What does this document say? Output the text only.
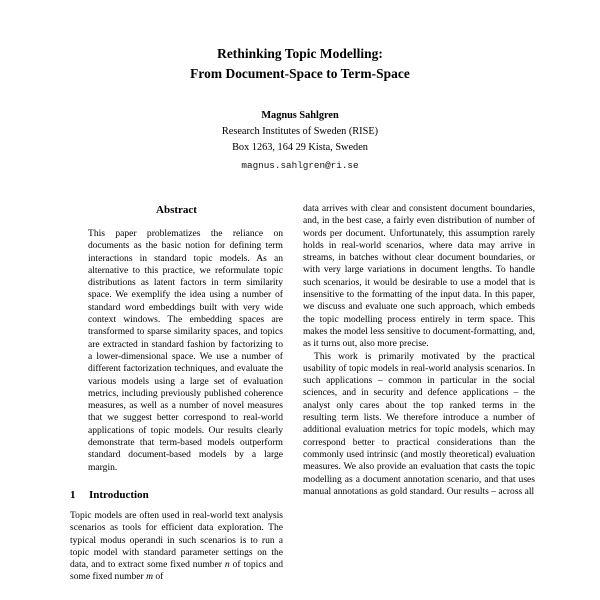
Rethinking Topic Modelling:
From Document-Space to Term-Space
Magnus Sahlgren
Research Institutes of Sweden (RISE)
Box 1263, 164 29 Kista, Sweden
magnus.sahlgren@ri.se
Abstract

This paper problematizes the reliance on documents as the basic notion for defining term interactions in standard topic models. As an alternative to this practice, we reformulate topic distributions as latent factors in term similarity space. We exemplify the idea using a number of standard word embeddings built with very wide context windows. The embedding spaces are transformed to sparse similarity spaces, and topics are extracted in standard fashion by factorizing to a lower-dimensional space. We use a number of different factorization techniques, and evaluate the various models using a large set of evaluation metrics, including previously published coherence measures, as well as a number of novel measures that we suggest better correspond to real-world applications of topic models. Our results clearly demonstrate that term-based models outperform standard document-based models by a large margin.

1 Introduction

Topic models are often used in real-world text analysis scenarios as tools for efficient data exploration. The typical modus operandi in such scenarios is to run a topic model with standard parameter settings on the data, and to extract some fixed number n of topics and some fixed number m of

data arrives with clear and consistent document boundaries, and, in the best case, a fairly even distribution of number of words per document. Unfortunately, this assumption rarely holds in real-world scenarios, where data may arrive in streams, in batches without clear document boundaries, or with very large variations in document lengths. To handle such scenarios, it would be desirable to use a model that is insensitive to the formatting of the input data. In this paper, we discuss and evaluate one such approach, which embeds the topic modelling process entirely in term space. This makes the model less sensitive to document-formatting, and, as it turns out, also more precise.

This work is primarily motivated by the practical usability of topic models in real-world analysis scenarios. In such applications – common in particular in the social sciences, and in security and defence applications – the analyst only cares about the top ranked terms in the resulting term lists. We therefore introduce a number of additional evaluation metrics for topic models, which may correspond better to practical considerations than the commonly used intrinsic (and mostly theoretical) evaluation measures. We also provide an evaluation that casts the topic modelling as a document annotation scenario, and that uses manual annotations as gold standard. Our results – across all
